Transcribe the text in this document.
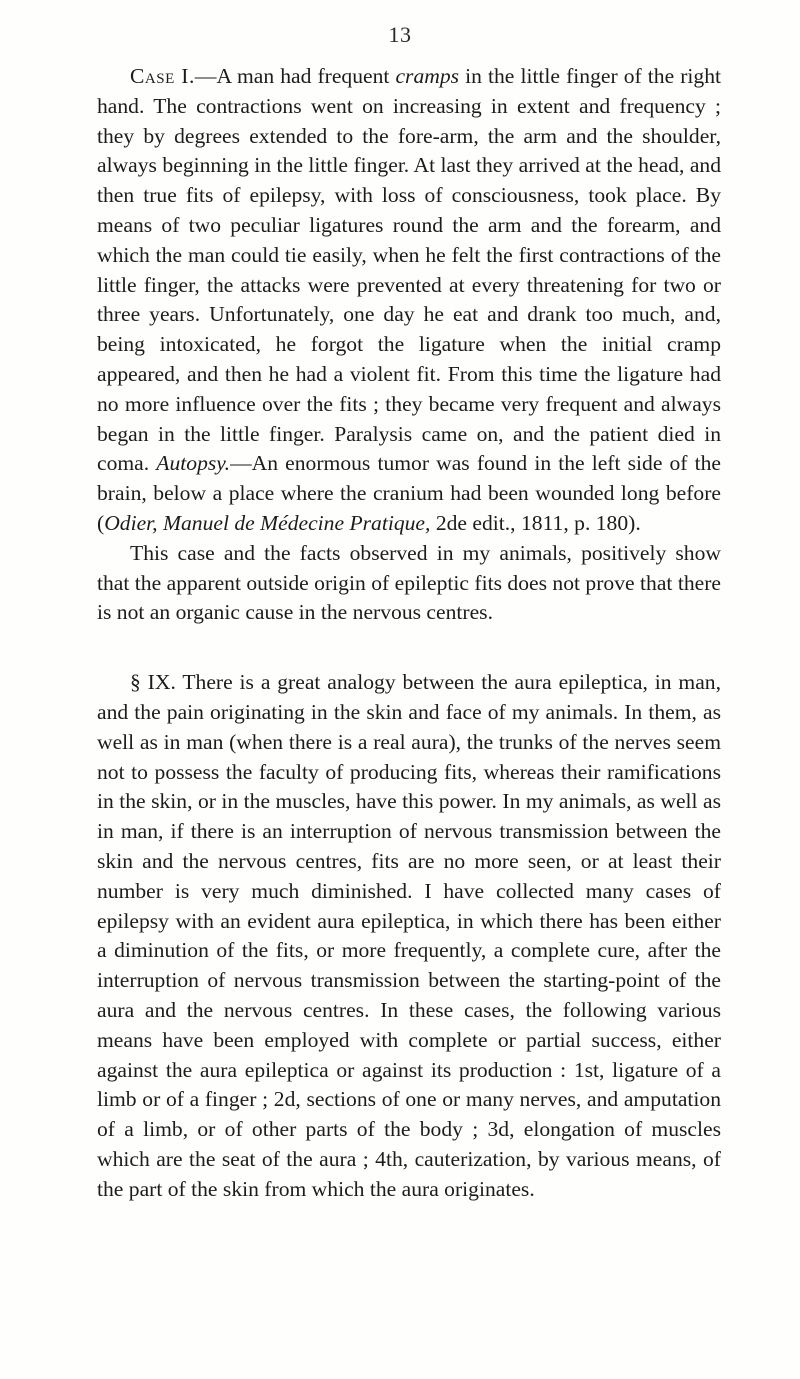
13

Case I.—A man had frequent cramps in the little finger of the right hand. The contractions went on increasing in extent and frequency ; they by degrees extended to the fore-arm, the arm and the shoulder, always beginning in the little finger. At last they arrived at the head, and then true fits of epilepsy, with loss of consciousness, took place. By means of two peculiar ligatures round the arm and the forearm, and which the man could tie easily, when he felt the first contractions of the little finger, the attacks were prevented at every threatening for two or three years. Unfortunately, one day he eat and drank too much, and, being intoxicated, he forgot the ligature when the initial cramp appeared, and then he had a violent fit. From this time the ligature had no more influence over the fits ; they became very frequent and always began in the little finger. Paralysis came on, and the patient died in coma. Autopsy.—An enormous tumor was found in the left side of the brain, below a place where the cranium had been wounded long before (Odier, Manuel de Médecine Pratique, 2de edit., 1811, p. 180).

This case and the facts observed in my animals, positively show that the apparent outside origin of epileptic fits does not prove that there is not an organic cause in the nervous centres.

§ IX. There is a great analogy between the aura epileptica, in man, and the pain originating in the skin and face of my animals. In them, as well as in man (when there is a real aura), the trunks of the nerves seem not to possess the faculty of producing fits, whereas their ramifications in the skin, or in the muscles, have this power. In my animals, as well as in man, if there is an interruption of nervous transmission between the skin and the nervous centres, fits are no more seen, or at least their number is very much diminished. I have collected many cases of epilepsy with an evident aura epileptica, in which there has been either a diminution of the fits, or more frequently, a complete cure, after the interruption of nervous transmission between the starting-point of the aura and the nervous centres. In these cases, the following various means have been employed with complete or partial success, either against the aura epileptica or against its production : 1st, ligature of a limb or of a finger ; 2d, sections of one or many nerves, and amputation of a limb, or of other parts of the body ; 3d, elongation of muscles which are the seat of the aura ; 4th, cauterization, by various means, of the part of the skin from which the aura originates.
